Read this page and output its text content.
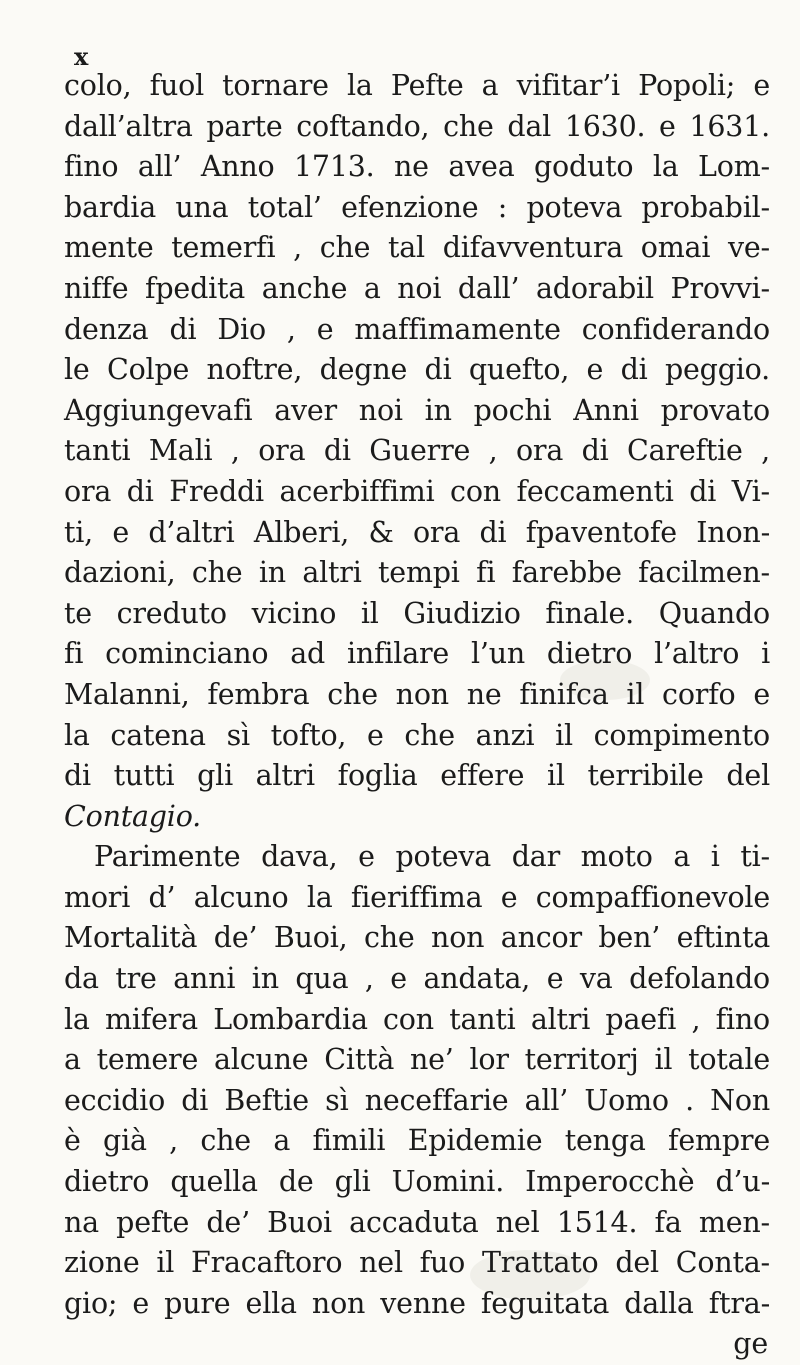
x
colo, fuol tornare la Pefte a vifitar’i Popoli; e
dall’altra parte coftando, che dal 1630. e 1631.
fino all’ Anno 1713. ne avea goduto la Lom-
bardia una total’ efenzione : poteva probabil-
mente temerfi , che tal difavventura omai ve-
niffe fpedita anche a noi dall’ adorabil Provvi-
denza di Dio , e maffimamente confiderando
le Colpe noftre, degne di quefto, e di peggio.
Aggiungevafi aver noi in pochi Anni provato
tanti Mali , ora di Guerre , ora di Careftie ,
ora di Freddi acerbiffimi con feccamenti di Vi-
ti, e d’altri Alberi, & ora di fpaventofe Inon-
dazioni, che in altri tempi fi farebbe facilmen-
te creduto vicino il Giudizio finale. Quando
fi cominciano ad infilare l’un dietro l’altro i
Malanni, fembra che non ne finifca il corfo e
la catena sì tofto, e che anzi il compimento
di tutti gli altri foglia effere il terribile del
Contagio.
Parimente dava, e poteva dar moto a i ti-
mori d’ alcuno la fieriffima e compaffionevole
Mortalità de’ Buoi, che non ancor ben’ eftinta
da tre anni in qua , e andata, e va defolando
la mifera Lombardia con tanti altri paefi , fino
a temere alcune Città ne’ lor territorj il totale
eccidio di Beftie sì neceffarie all’ Uomo . Non
è già , che a fimili Epidemie tenga fempre
dietro quella de gli Uomini. Imperocchè d’u-
na pefte de’ Buoi accaduta nel 1514. fa men-
zione il Fracaftoro nel fuo Trattato del Conta-
gio; e pure ella non venne feguitata dalla ftra-
ge
